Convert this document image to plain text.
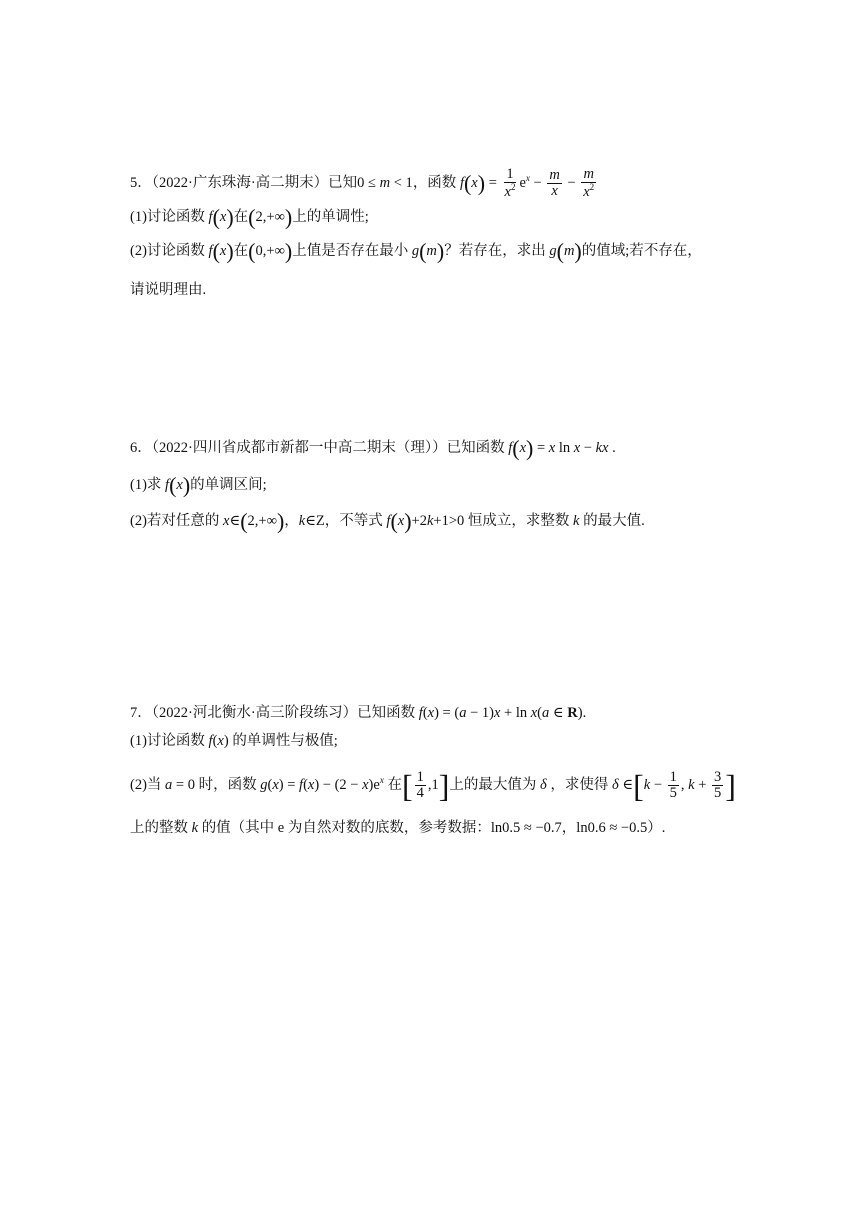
5．（2022·广东珠海·高二期末）已知0 ≤ m < 1，函数 $f(x) = \frac{1}{x^2} e^x - \frac{m}{x} - \frac{m}{x^2}$
(1)讨论函数 f(x)在(2,+∞)上的单调性;
(2)讨论函数 f(x)在(0,+∞)上值是否存在最小 g(m)？若存在，求出 g(m)的值域;若不存在，
请说明理由.
6．（2022·四川省成都市新都一中高二期末（理））已知函数 f(x) = x ln x − kx .
(1)求 f(x)的单调区间;
(2)若对任意的 x∈(2,+∞)，k∈Z，不等式 f(x)+2k+1>0 恒成立，求整数 k 的最大值.
7．（2022·河北衡水·高三阶段练习）已知函数 f(x) = (a − 1)x + ln x(a ∈ R).
(1)讨论函数 f(x) 的单调性与极值;
(2)当 a = 0 时，函数 $g(x) = f(x) - (2 - x)e^x$ 在[ $\frac{1}{4} ,1$]上的最大值为 δ ，求使得 δ ∈[k − $\frac{1}{5}$ , $k + \frac{3}{5}$ ]
上的整数 k 的值（其中 e 为自然对数的底数，参考数据：ln0.5 ≈ −0.7，ln0.6 ≈ −0.5）.
